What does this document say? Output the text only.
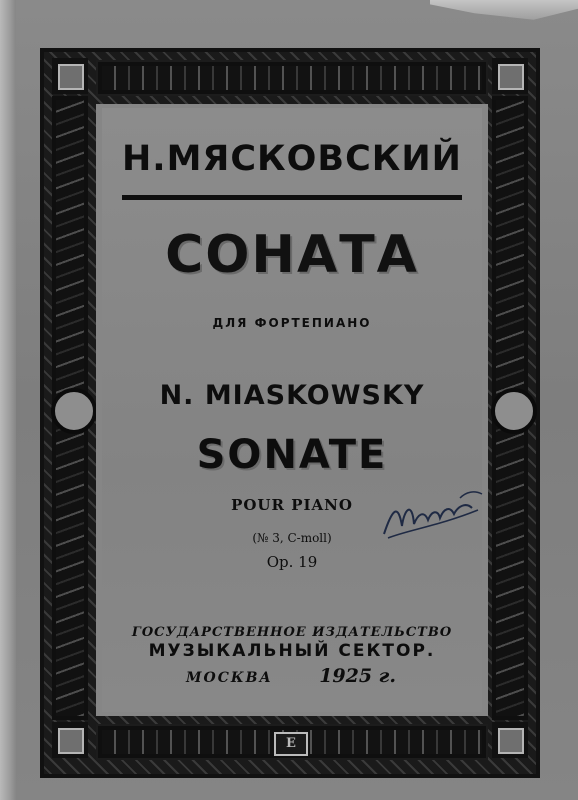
Н.МЯСКОВСКИЙ
СОНАТА

ДЛЯ ФОРТЕПИАНО

N. MIASKOWSKY

SONATE

POUR PIANO

(№ 3, C-moll)

Op. 19

ГОСУДАРСТВЕННОЕ ИЗДАТЕЛЬСТВО

МУЗЫКАЛЬНЫЙ СЕКТОР.

МОСКВА 1925 г.
Е
